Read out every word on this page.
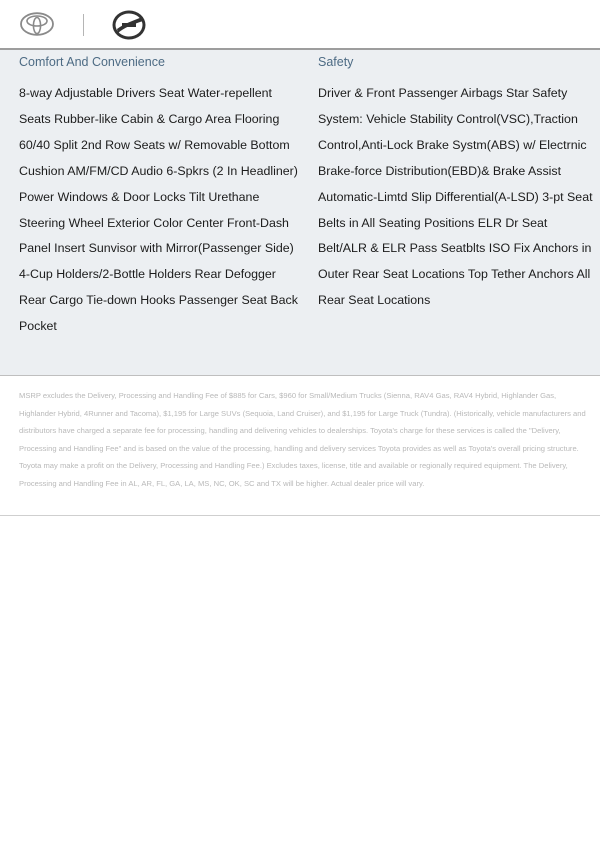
Comfort And Convenience
8-way Adjustable Drivers Seat Water-repellent Seats Rubber-like Cabin & Cargo Area Flooring 60/40 Split 2nd Row Seats w/ Removable Bottom Cushion AM/FM/CD Audio 6-Spkrs (2 In Headliner) Power Windows & Door Locks Tilt Urethane Steering Wheel Exterior Color Center Front-Dash Panel Insert Sunvisor with Mirror(Passenger Side) 4-Cup Holders/2-Bottle Holders Rear Defogger Rear Cargo Tie-down Hooks Passenger Seat Back Pocket
Safety
Driver & Front Passenger Airbags Star Safety System: Vehicle Stability Control(VSC),Traction Control,Anti-Lock Brake Systm(ABS) w/ Electrnic Brake-force Distribution(EBD)& Brake Assist Automatic-Limtd Slip Differential(A-LSD) 3-pt Seat Belts in All Seating Positions ELR Dr Seat Belt/ALR & ELR Pass Seatblts ISO Fix Anchors in Outer Rear Seat Locations Top Tether Anchors All Rear Seat Locations
MSRP excludes the Delivery, Processing and Handling Fee of $885 for Cars, $960 for Small/Medium Trucks (Sienna, RAV4 Gas, RAV4 Hybrid, Highlander Gas, Highlander Hybrid, 4Runner and Tacoma), $1,195 for Large SUVs (Sequoia, Land Cruiser), and $1,195 for Large Truck (Tundra). (Historically, vehicle manufacturers and distributors have charged a separate fee for processing, handling and delivering vehicles to dealerships. Toyota's charge for these services is called the "Delivery, Processing and Handling Fee" and is based on the value of the processing, handling and delivery services Toyota provides as well as Toyota's overall pricing structure. Toyota may make a profit on the Delivery, Processing and Handling Fee.) Excludes taxes, license, title and available or regionally required equipment. The Delivery, Processing and Handling Fee in AL, AR, FL, GA, LA, MS, NC, OK, SC and TX will be higher. Actual dealer price will vary.
